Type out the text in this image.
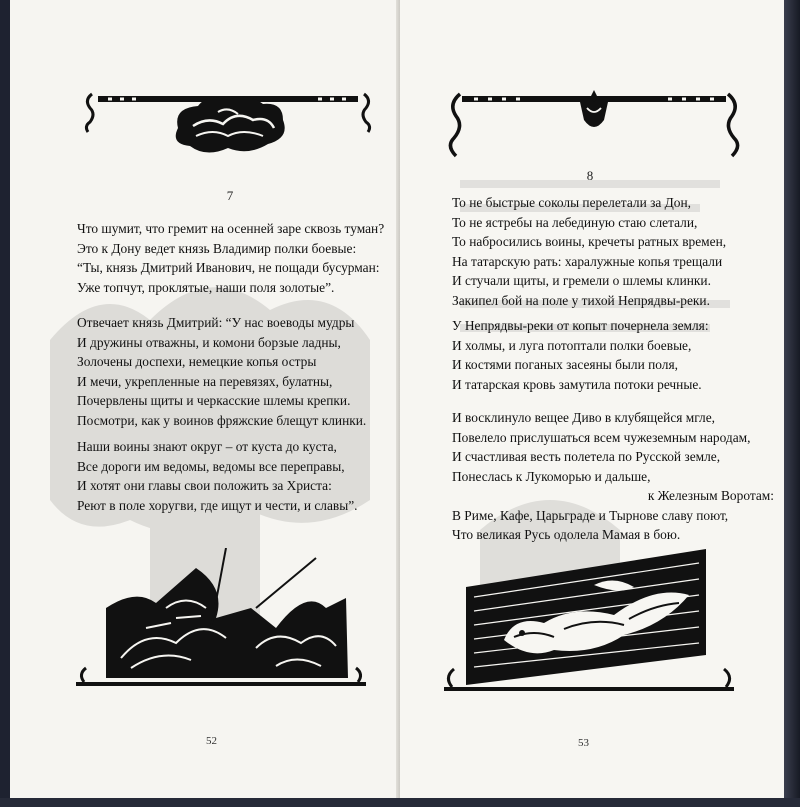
7
Что шумит, что гремит на осенней заре сквозь туман?
Это к Дону ведет князь Владимир полки боевые:
“Ты, князь Дмитрий Иванович, не пощади бусурман:
Уже топчут, проклятые, наши поля золотые”.
Отвечает князь Дмитрий: “У нас воеводы мудры
И дружины отважны, и комони борзые ладны,
Золочены доспехи, немецкие копья остры
И мечи, укрепленные на перевязях, булатны,
Почервлены щиты и черкасские шлемы крепки.
Посмотри, как у воинов фряжские блещут клинки.
Наши воины знают округ – от куста до куста,
Все дороги им ведомы, ведомы все переправы,
И хотят они главы свои положить за Христа:
Реют в поле хоругви, где ищут и чести, и славы”.
52
8
То не быстрые соколы перелетали за Дон,
То не ястребы на лебединую стаю слетали,
То набросились воины, кречеты ратных времен,
На татарскую рать: харалужные копья трещали
И стучали щиты, и гремели о шлемы клинки.
Закипел бой на поле у тихой Непрядвы-реки.
У Непрядвы-реки от копыт почернела земля:
И холмы, и луга потоптали полки боевые,
И костями поганых засеяны были поля,
И татарская кровь замутила потоки речные.
И восклинуло вещее Диво в клубящейся мгле,
Повелело прислушаться всем чужеземным народам,
И счастливая весть полетела по Русской земле,
Понеслась к Лукоморью и дальше,
к Железным Воротам:
В Риме, Кафе, Царьграде и Тырнове славу поют,
Что великая Русь одолела Мамая в бою.
53
